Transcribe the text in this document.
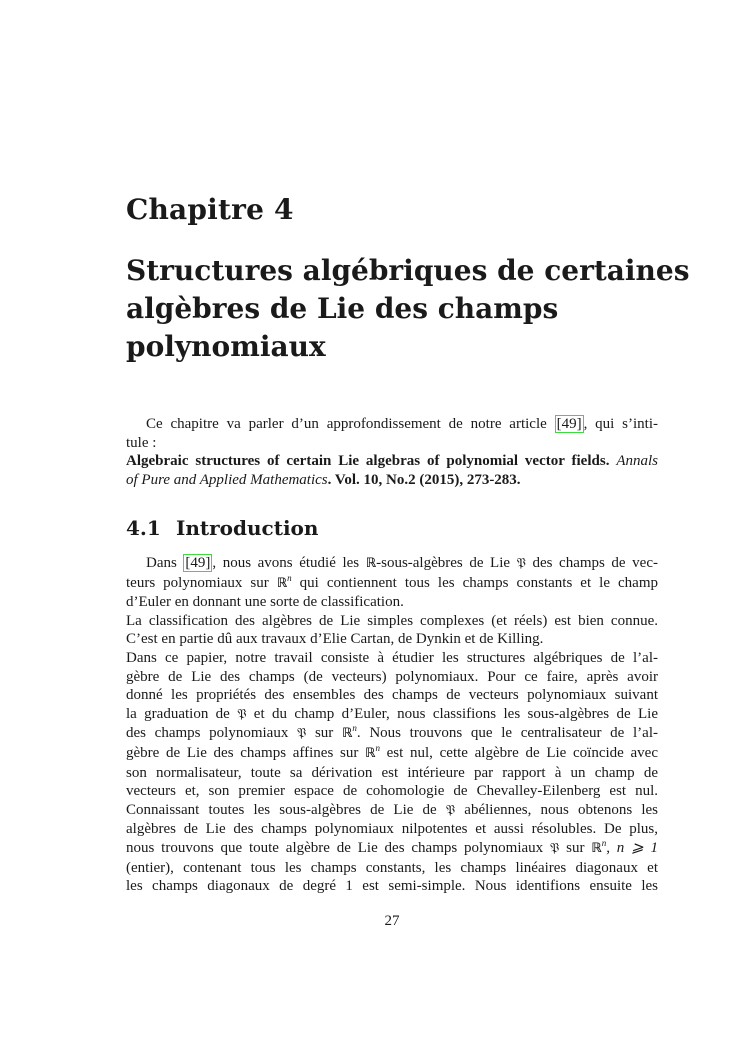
Chapitre 4
Structures algébriques de certaines
algèbres de Lie des champs
polynomiaux
Ce chapitre va parler d’un approfondissement de notre article [49] , qui s’inti-
tule :
Algebraic structures of certain Lie algebras of polynomial vector fields. Annals
of Pure and Applied Mathematics. Vol. 10, No.2 (2015), 273-283.
4.1 Introduction
Dans [49] , nous avons étudié les ℝ-sous-algèbres de Lie 𝔓 des champs de vec-
teurs polynomiaux sur ℝ$^n$ qui contiennent tous les champs constants et le champ
d’Euler en donnant une sorte de classification.
La classification des algèbres de Lie simples complexes (et réels) est bien connue.
C’est en partie dû aux travaux d’Elie Cartan, de Dynkin et de Killing.
Dans ce papier, notre travail consiste à étudier les structures algébriques de l’al-
gèbre de Lie des champs (de vecteurs) polynomiaux. Pour ce faire, après avoir
donné les propriétés des ensembles des champs de vecteurs polynomiaux suivant
la graduation de 𝔓 et du champ d’Euler, nous classifions les sous-algèbres de Lie
des champs polynomiaux 𝔓 sur ℝ$^n$. Nous trouvons que le centralisateur de l’al-
gèbre de Lie des champs affines sur ℝ$^n$ est nul, cette algèbre de Lie coïncide avec
son normalisateur, toute sa dérivation est intérieure par rapport à un champ de
vecteurs et, son premier espace de cohomologie de Chevalley-Eilenberg est nul.
Connaissant toutes les sous-algèbres de Lie de 𝔓 abéliennes, nous obtenons les
algèbres de Lie des champs polynomiaux nilpotentes et aussi résolubles. De plus,
nous trouvons que toute algèbre de Lie des champs polynomiaux 𝔓 sur ℝ$^n$, n ⩾ 1
(entier), contenant tous les champs constants, les champs linéaires diagonaux et
les champs diagonaux de degré 1 est semi-simple. Nous identifions ensuite les
27
